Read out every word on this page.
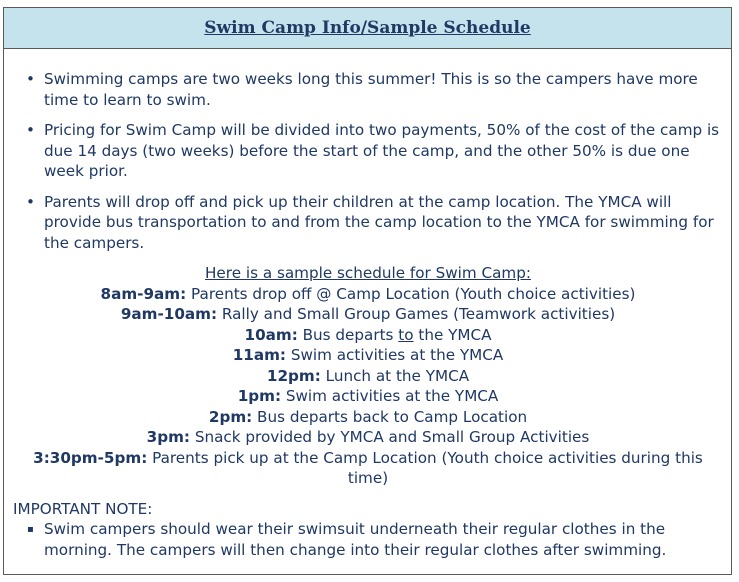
Swim Camp Info/Sample Schedule
• Swimming camps are two weeks long this summer! This is so the campers have more time to learn to swim.
• Pricing for Swim Camp will be divided into two payments, 50% of the cost of the camp is due 14 days (two weeks) before the start of the camp, and the other 50% is due one week prior.
• Parents will drop off and pick up their children at the camp location. The YMCA will provide bus transportation to and from the camp location to the YMCA for swimming for the campers.
Here is a sample schedule for Swim Camp:
8am-9am: Parents drop off @ Camp Location (Youth choice activities)
9am-10am: Rally and Small Group Games (Teamwork activities)
10am: Bus departs to the YMCA
11am: Swim activities at the YMCA
12pm: Lunch at the YMCA
1pm: Swim activities at the YMCA
2pm: Bus departs back to Camp Location
3pm: Snack provided by YMCA and Small Group Activities
3:30pm-5pm: Parents pick up at the Camp Location (Youth choice activities during this time)
IMPORTANT NOTE:
▪ Swim campers should wear their swimsuit underneath their regular clothes in the morning. The campers will then change into their regular clothes after swimming.
